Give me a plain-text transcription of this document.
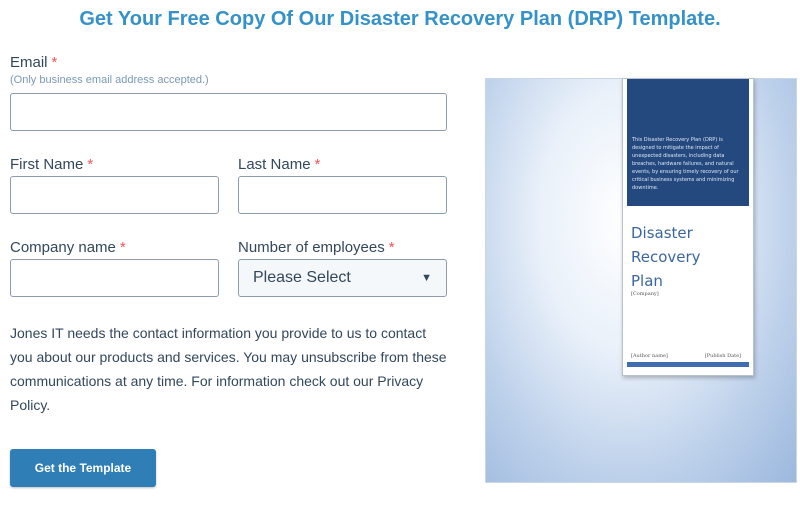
Get Your Free Copy Of Our Disaster Recovery Plan (DRP) Template.
Email *
(Only business email address accepted.)
First Name *	Last Name *
Company name *	Number of employees *
Please Select	▼

Jones IT needs the contact information you provide to us to contact you about our products and services. You may unsubscribe from these communications at any time. For information check out our Privacy Policy.

Get the Template

This Disaster Recovery Plan (DRP) is designed to mitigate the impact of unexpected disasters, including data breaches, hardware failures, and natural events, by ensuring timely recovery of our critical business systems and minimizing downtime.

Disaster
Recovery
Plan

[Company]
[Author name]	[Publish Date]
